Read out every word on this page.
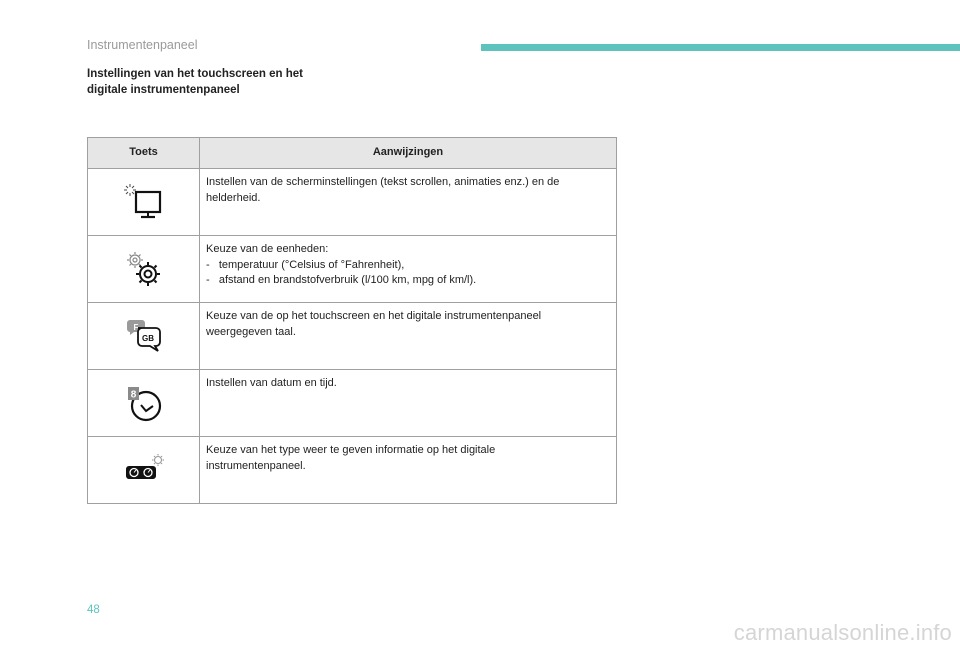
Instrumentenpaneel
Instellingen van het touchscreen en het
digitale instrumentenpaneel
Toets	Aanwijzingen

Instellen van de scherminstellingen (tekst scrollen, animaties enz.) en de
helderheid.

Keuze van de eenheden:
-   temperatuur (°Celsius of °Fahrenheit),
-   afstand en brandstofverbruik (l/100 km, mpg of km/l).

F
GB	Keuze van de op het touchscreen en het digitale instrumentenpaneel
weergegeven taal.

8	Instellen van datum en tijd.

Keuze van het type weer te geven informatie op het digitale
instrumentenpaneel.
48
carmanualsonline.info
